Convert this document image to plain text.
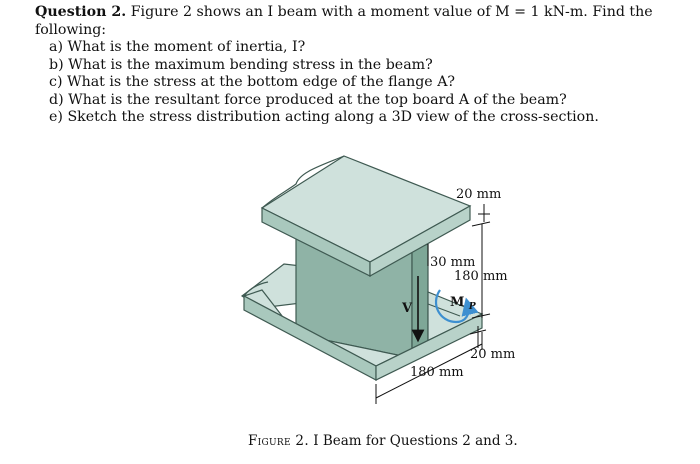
Question 2. Figure 2 shows an I beam with a moment value of M = 1 kN-m. Find the following:
a) What is the moment of inertia, I?
b) What is the maximum bending stress in the beam?
c) What is the stress at the bottom edge of the flange A?
d) What is the resultant force produced at the top board A of the beam?
e) Sketch the stress distribution acting along a 3D view of the cross-section.
V	M $_P$
20 mm
180 mm
30 mm
20 mm
180 mm

Figure 2. I Beam for Questions 2 and 3.
